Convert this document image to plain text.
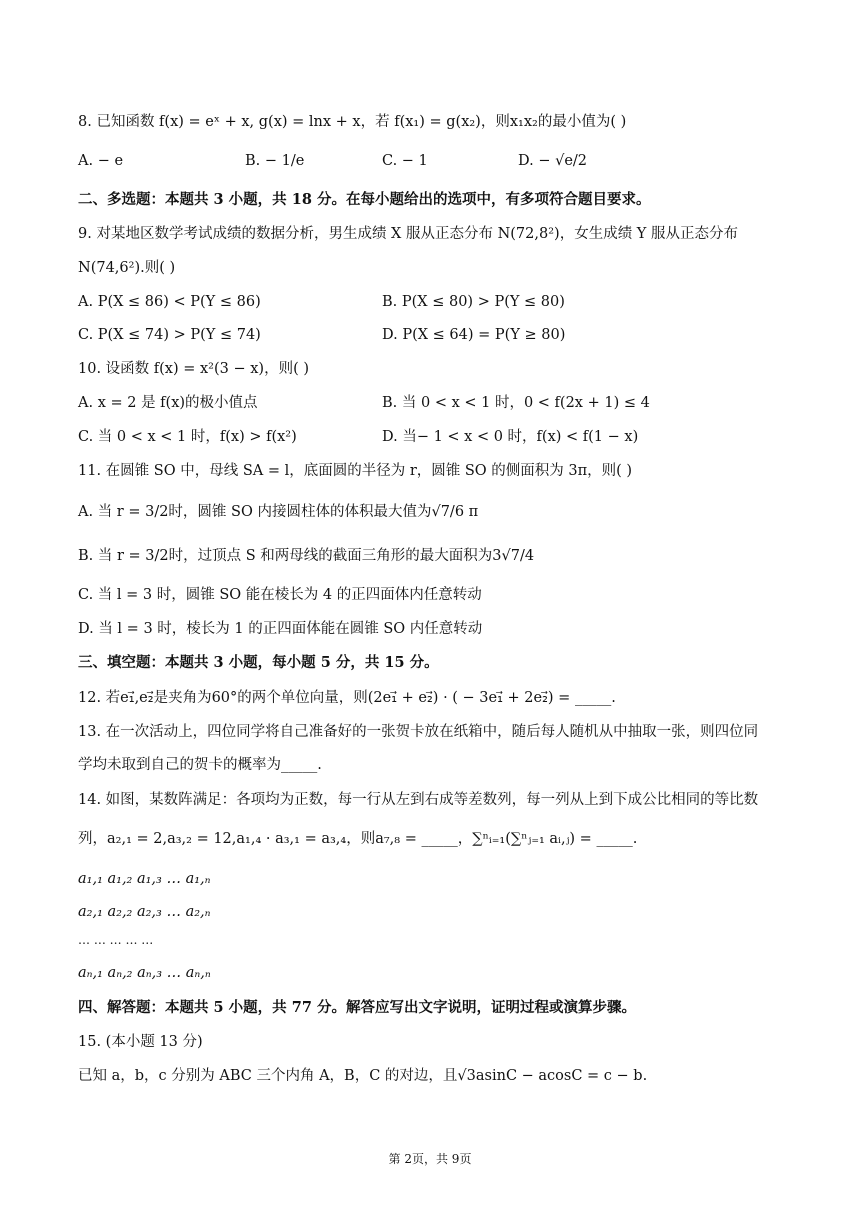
8. 已知函数 f(x) = eˣ + x, g(x) = lnx + x，若 f(x₁) = g(x₂)，则x₁x₂的最小值为( )
A. − e	B. − 1/e	C. − 1	D. − √e/2
二、多选题：本题共 3 小题，共 18 分。在每小题给出的选项中，有多项符合题目要求。
9. 对某地区数学考试成绩的数据分析，男生成绩 X 服从正态分布 N(72,8²)，女生成绩 Y 服从正态分布
N(74,6²).则( )
A. P(X ≤ 86) < P(Y ≤ 86)	B. P(X ≤ 80) > P(Y ≤ 80)
C. P(X ≤ 74) > P(Y ≤ 74)	D. P(X ≤ 64) = P(Y ≥ 80)
10. 设函数 f(x) = x²(3 − x)，则( )
A. x = 2 是 f(x)的极小值点	B. 当 0 < x < 1 时，0 < f(2x + 1) ≤ 4
C. 当 0 < x < 1 时，f(x) > f(x²)	D. 当− 1 < x < 0 时，f(x) < f(1 − x)
11. 在圆锥 SO 中，母线 SA = l，底面圆的半径为 r，圆锥 SO 的侧面积为 3π，则( )
A. 当 r = 3/2时，圆锥 SO 内接圆柱体的体积最大值为√7/6 π
B. 当 r = 3/2时，过顶点 S 和两母线的截面三角形的最大面积为3√7/4
C. 当 l = 3 时，圆锥 SO 能在棱长为 4 的正四面体内任意转动
D. 当 l = 3 时，棱长为 1 的正四面体能在圆锥 SO 内任意转动
三、填空题：本题共 3 小题，每小题 5 分，共 15 分。
12. 若e₁⃗,e₂⃗是夹角为60°的两个单位向量，则(2e₁⃗ + e₂⃗) · ( − 3e₁⃗ + 2e₂⃗) = _____.
13. 在一次活动上，四位同学将自己准备好的一张贺卡放在纸箱中，随后每人随机从中抽取一张，则四位同
学均未取到自己的贺卡的概率为_____.
14. 如图，某数阵满足：各项均为正数，每一行从左到右成等差数列，每一列从上到下成公比相同的等比数
列，a₂,₁ = 2,a₃,₂ = 12,a₁,₄ · a₃,₁ = a₃,₄，则a₇,₈ = _____，∑ⁿᵢ₌₁(∑ⁿⱼ₌₁ aᵢ,ⱼ) = _____.
a₁,₁ a₁,₂ a₁,₃ … a₁,ₙ
a₂,₁ a₂,₂ a₂,₃ … a₂,ₙ
… … … … …
aₙ,₁ aₙ,₂ aₙ,₃ … aₙ,ₙ
四、解答题：本题共 5 小题，共 77 分。解答应写出文字说明，证明过程或演算步骤。
15. (本小题 13 分)
已知 a，b，c 分别为 ABC 三个内角 A，B，C 的对边，且√3asinC − acosC = c − b.
第 2页，共 9页
